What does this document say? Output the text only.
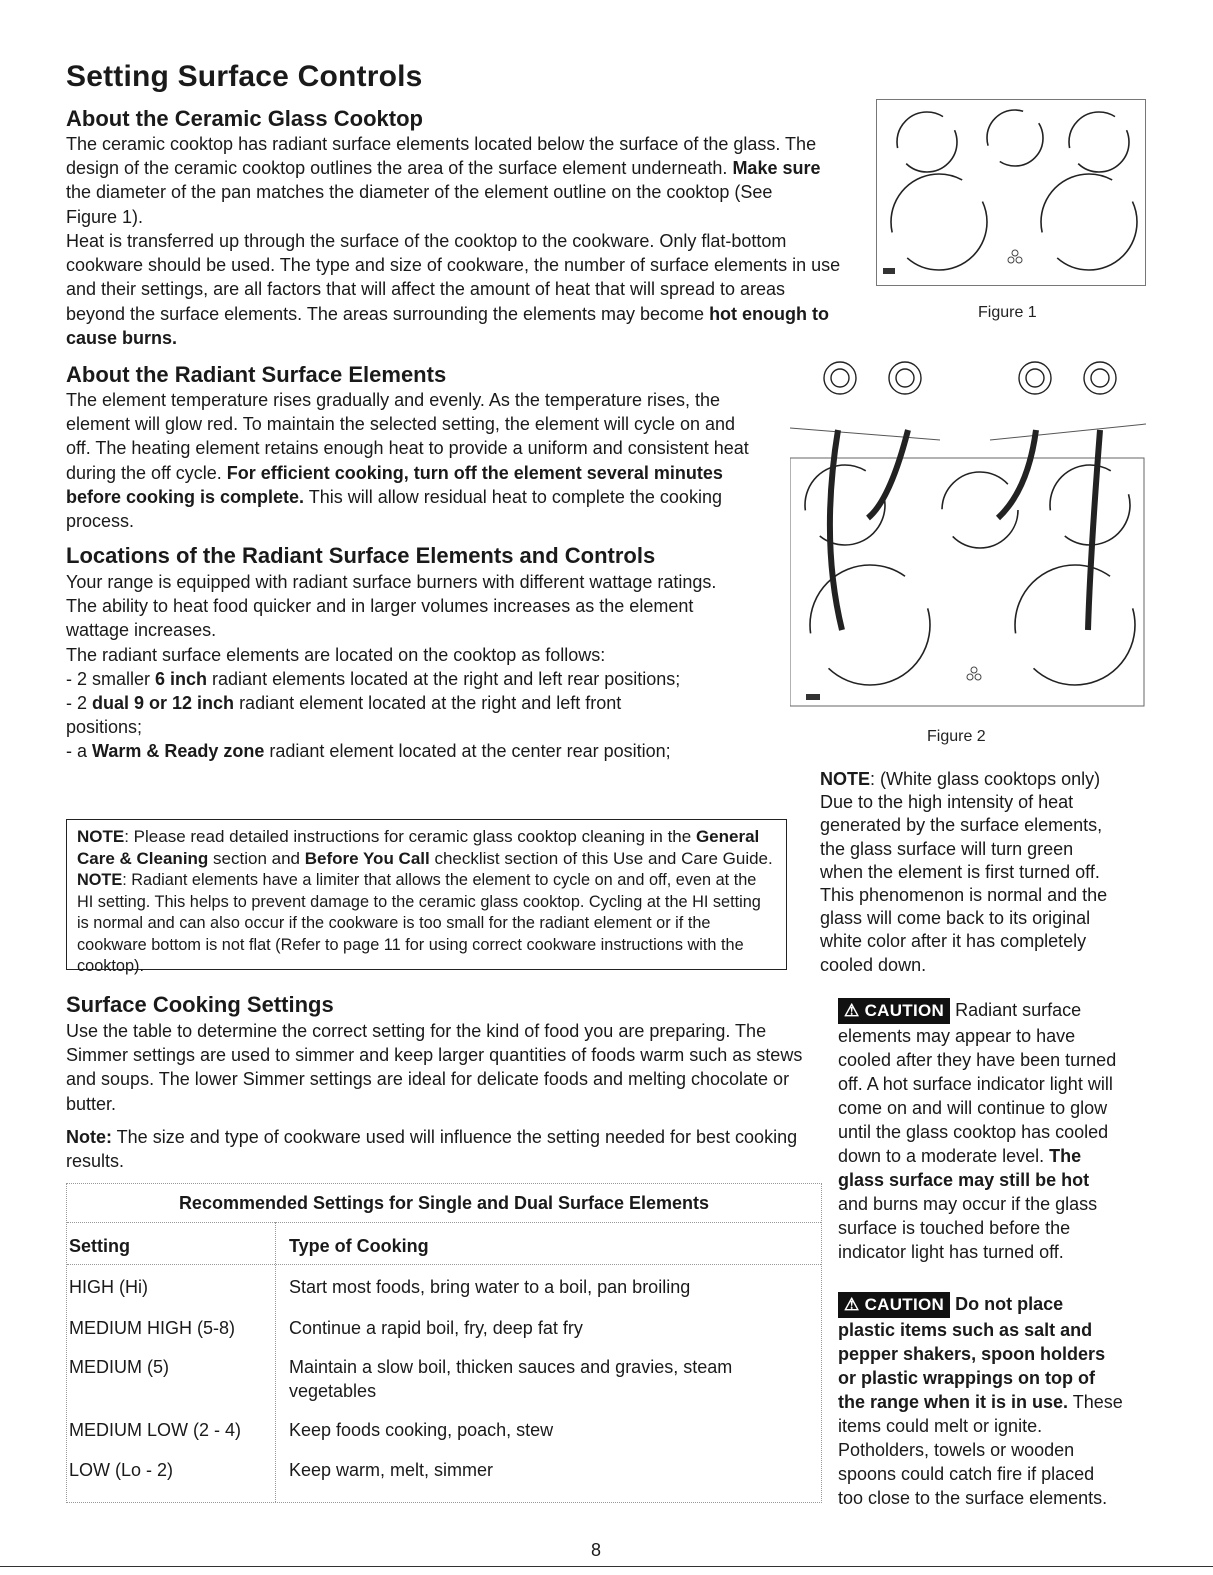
Setting Surface Controls
About the Ceramic Glass Cooktop

The ceramic cooktop has radiant surface elements located below the surface of the glass. The design of the ceramic cooktop outlines the area of the surface element underneath. Make sure the diameter of the pan matches the diameter of the element outline on the cooktop (See Figure 1).

Heat is transferred up through the surface of the cooktop to the cookware. Only flat-bottom cookware should be used. The type and size of cookware, the number of surface elements in use and their settings, are all factors that will affect the amount of heat that will spread to areas beyond the surface elements. The areas surrounding the elements may become hot enough to cause burns.

About the Radiant Surface Elements

The element temperature rises gradually and evenly. As the temperature rises, the element will glow red. To maintain the selected setting, the element will cycle on and off. The heating element retains enough heat to provide a uniform and consistent heat during the off cycle. For efficient cooking, turn off the element several minutes before cooking is complete. This will allow residual heat to complete the cooking process.

Locations of the Radiant Surface Elements and Controls

Your range is equipped with radiant surface burners with different wattage ratings. The ability to heat food quicker and in larger volumes increases as the element wattage increases.

The radiant surface elements are located on the cooktop as follows:

- 2 smaller 6 inch radiant elements located at the right and left rear positions;
- 2 dual 9 or 12 inch radiant element located at the right and left front positions;
- a Warm & Ready zone radiant element located at the center rear position;
Figure 1
Figure 2

NOTE: Please read detailed instructions for ceramic glass cooktop cleaning in the General Care & Cleaning section and Before You Call checklist section of this Use and Care Guide.

NOTE: Radiant elements have a limiter that allows the element to cycle on and off, even at the HI setting. This helps to prevent damage to the ceramic glass cooktop. Cycling at the HI setting is normal and can also occur if the cookware is too small for the radiant element or if the cookware bottom is not flat (Refer to page 11 for using correct cookware instructions with the cooktop).

NOTE: (White glass cooktops only) Due to the high intensity of heat generated by the surface elements, the glass surface will turn green when the element is first turned off. This phenomenon is normal and the glass will come back to its original white color after it has completely cooled down.
Surface Cooking Settings

Use the table to determine the correct setting for the kind of food you are preparing. The Simmer settings are used to simmer and keep larger quantities of foods warm such as stews and soups. The lower Simmer settings are ideal for delicate foods and melting chocolate or butter.

Note: The size and type of cookware used will influence the setting needed for best cooking results.

Recommended Settings for Single and Dual Surface Elements
Setting	Type of Cooking
HIGH (Hi)	Start most foods, bring water to a boil, pan broiling
MEDIUM HIGH (5-8)	Continue a rapid boil, fry, deep fat fry
MEDIUM (5)	Maintain a slow boil, thicken sauces and gravies, steam vegetables
MEDIUM LOW (2 - 4)	Keep foods cooking, poach, stew
LOW (Lo - 2)	Keep warm, melt, simmer
⚠ CAUTION Radiant surface elements may appear to have cooled after they have been turned off. A hot surface indicator light will come on and will continue to glow until the glass cooktop has cooled down to a moderate level. The glass surface may still be hot and burns may occur if the glass surface is touched before the indicator light has turned off.
⚠ CAUTION Do not place plastic items such as salt and pepper shakers, spoon holders or plastic wrappings on top of the range when it is in use. These items could melt or ignite. Potholders, towels or wooden spoons could catch fire if placed too close to the surface elements.
8
